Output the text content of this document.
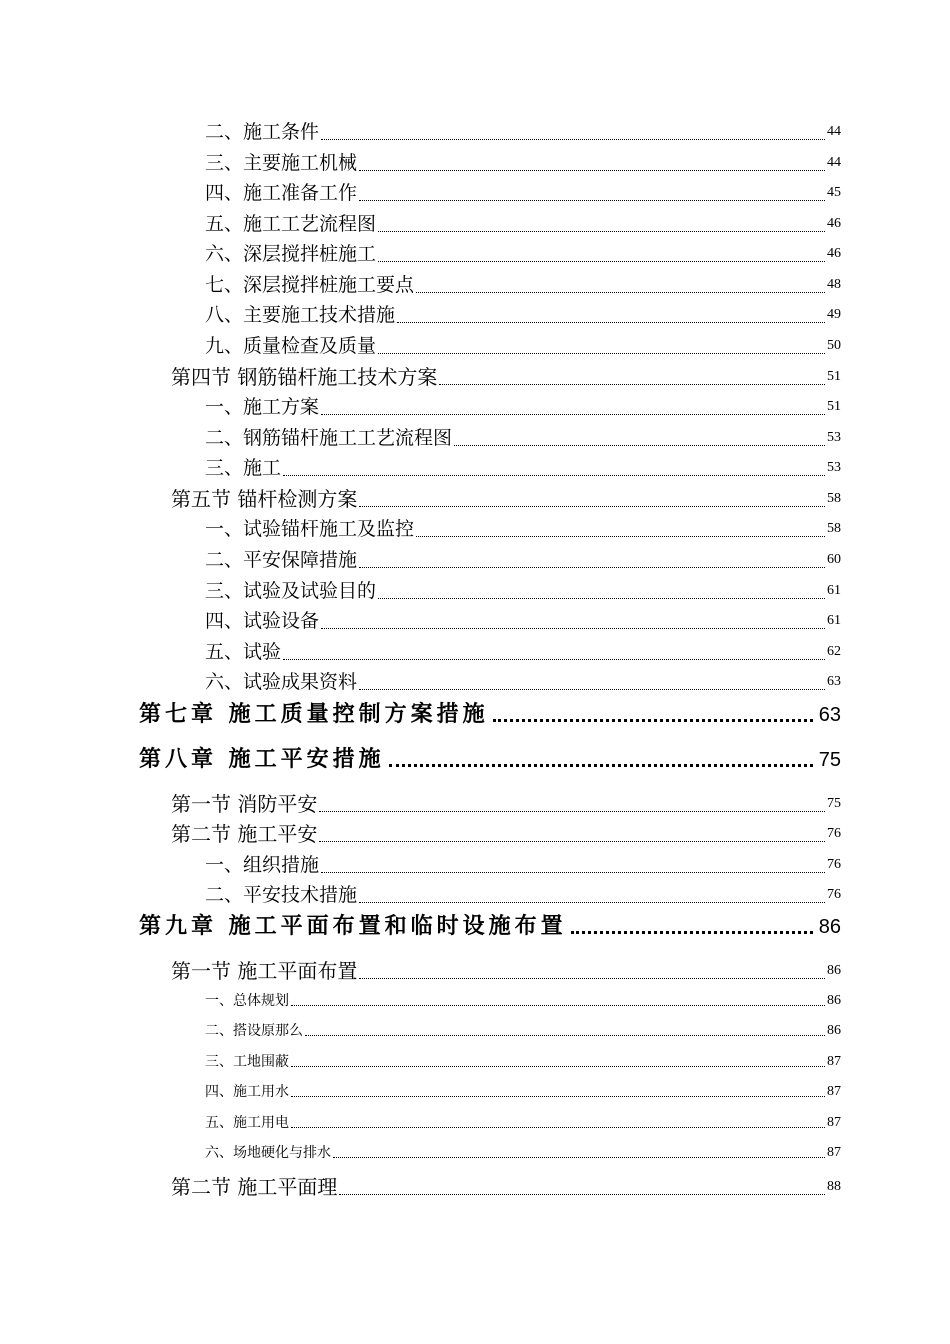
二、施工条件	44
三、主要施工机械	44
四、施工准备工作	45
五、施工工艺流程图	46
六、深层搅拌桩施工	46
七、深层搅拌桩施工要点	48
八、主要施工技术措施	49
九、质量检查及质量	50
第四节 钢筋锚杆施工技术方案	51
一、施工方案	51
二、钢筋锚杆施工工艺流程图	53
三、施工	53
第五节 锚杆检测方案	58
一、试验锚杆施工及监控	58
二、平安保障措施	60
三、试验及试验目的	61
四、试验设备	61
五、试验	62
六、试验成果资料	63
第七章 施工质量控制方案措施	63
第八章 施工平安措施	75
第一节 消防平安	75
第二节 施工平安	76
一、组织措施	76
二、平安技术措施	76
第九章 施工平面布置和临时设施布置	86
第一节 施工平面布置	86
一、总体规划	86
二、搭设原那么	86
三、工地围蔽	87
四、施工用水	87
五、施工用电	87
六、场地硬化与排水	87
第二节 施工平面理	88
